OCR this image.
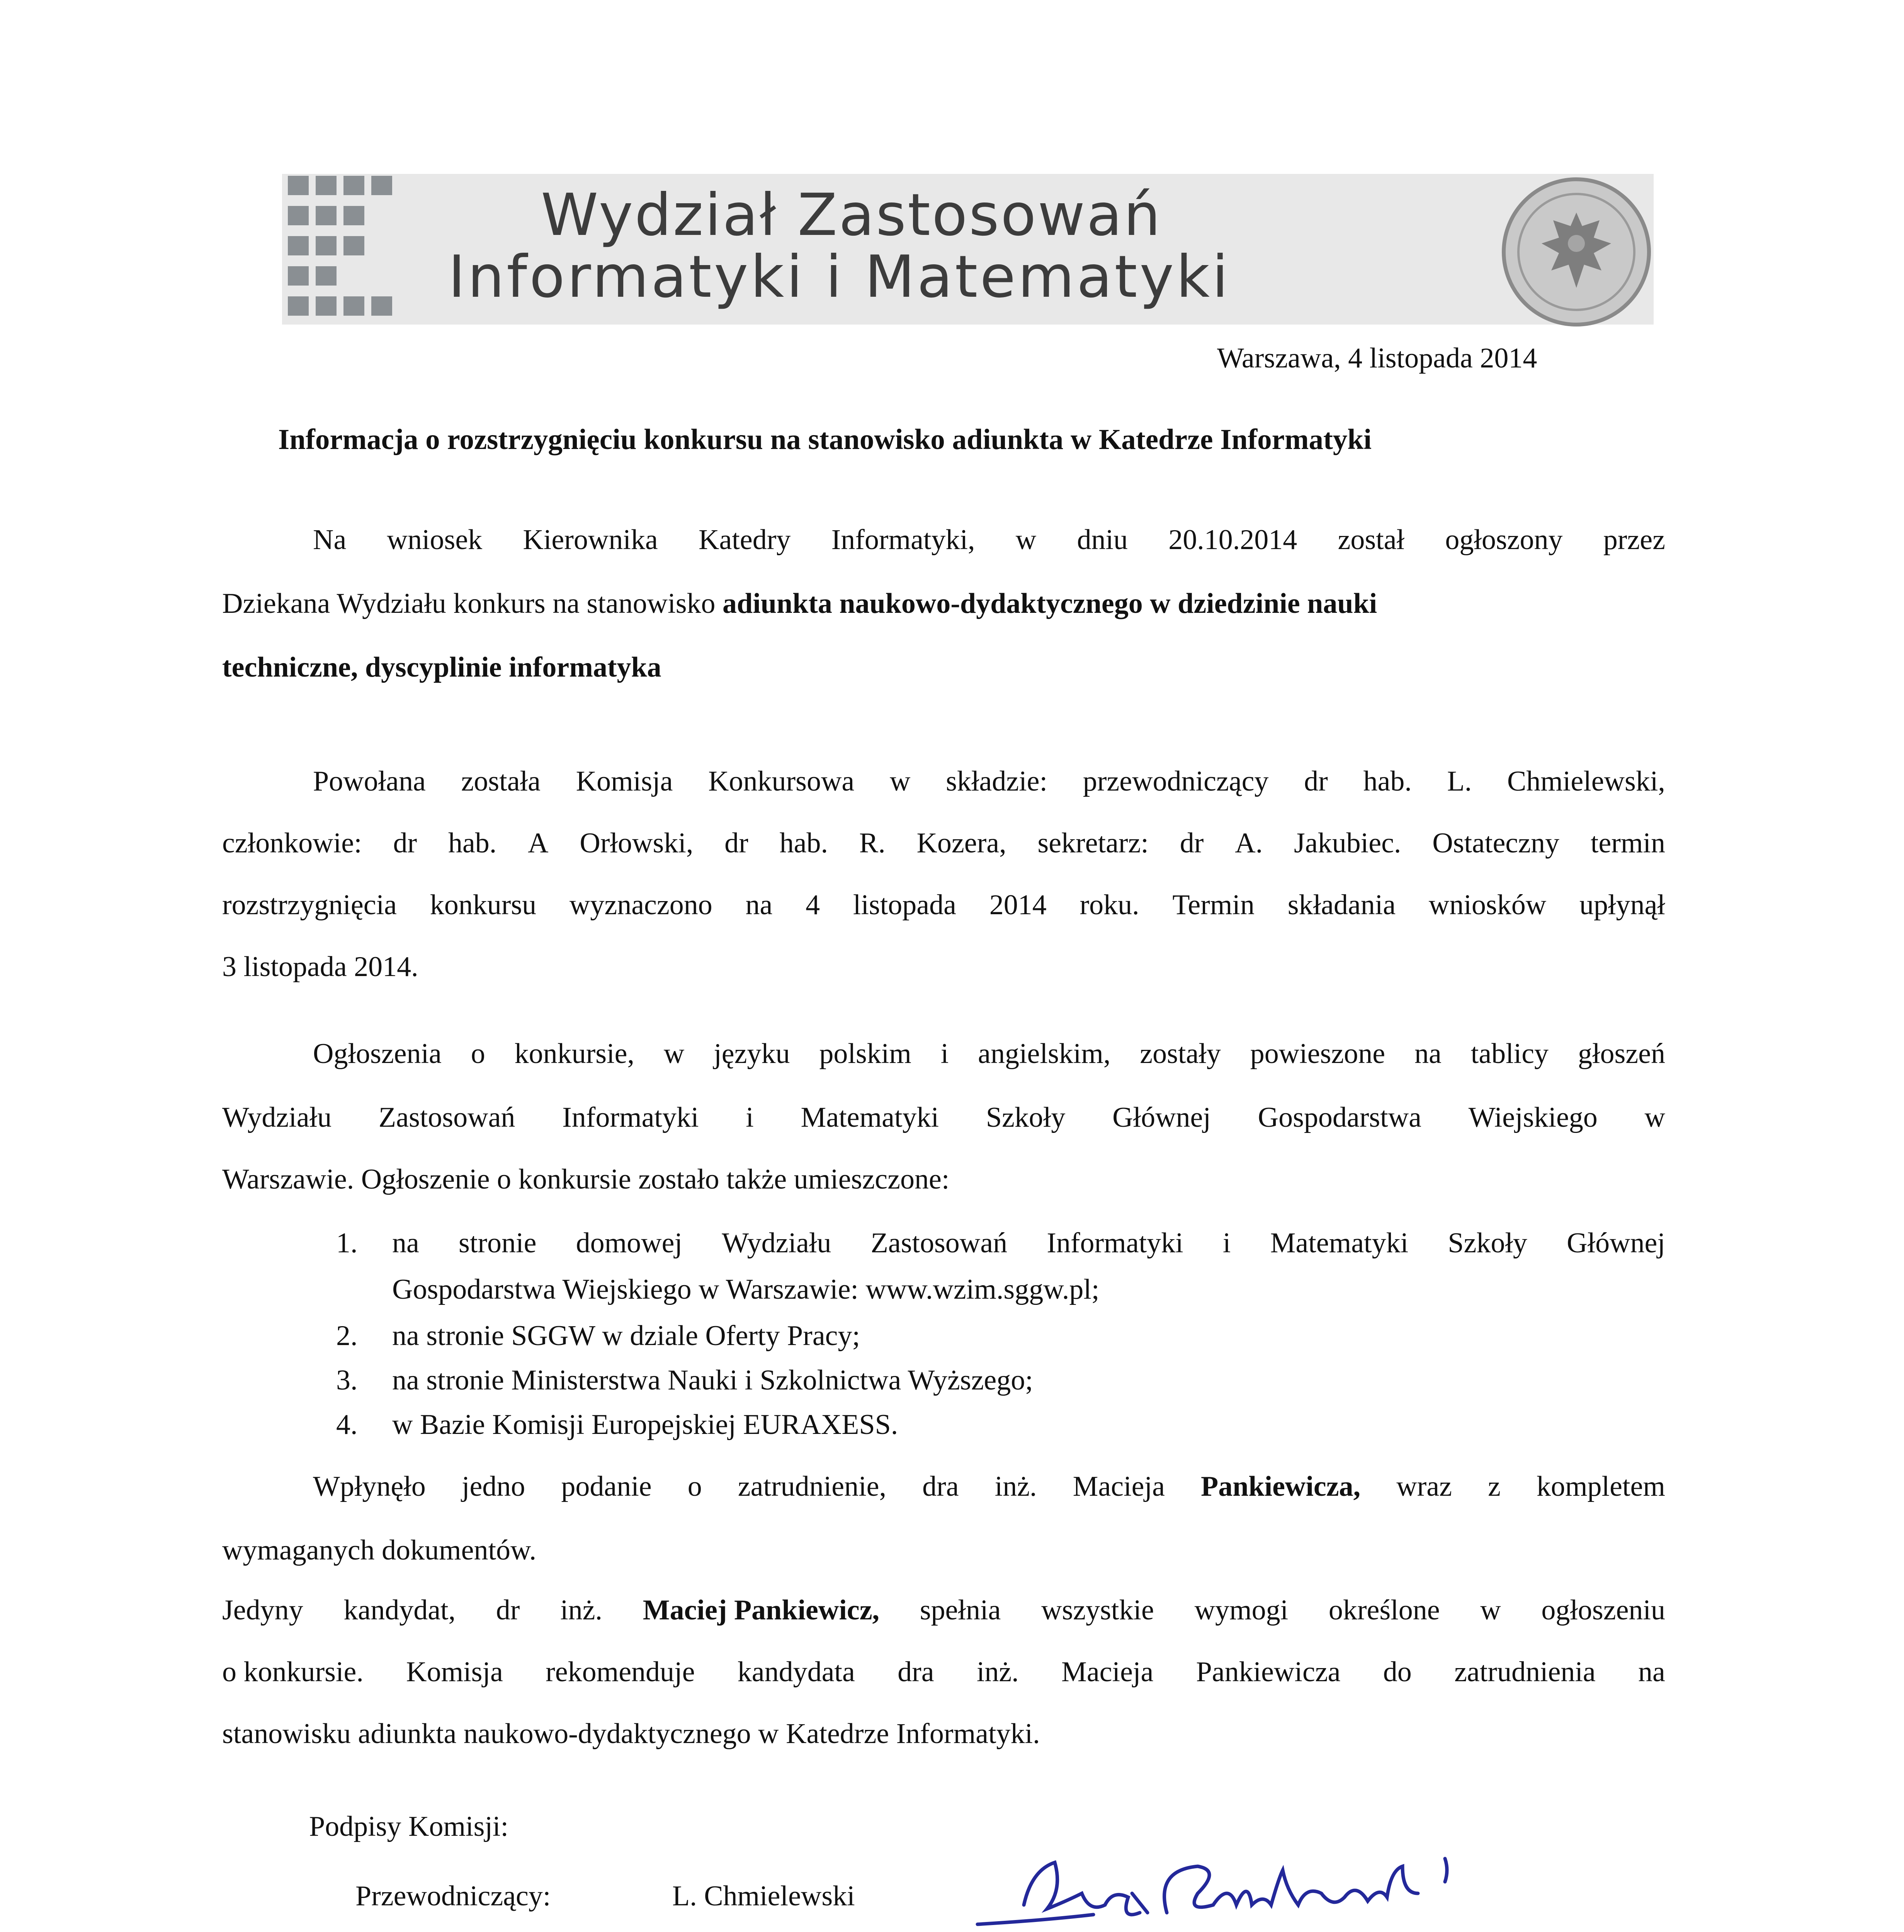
Wydział Zastosowań
Informatyki i Matematyki
Warszawa, 4 listopada 2014
Informacja o rozstrzygnięciu konkursu na stanowisko adiunkta w Katedrze Informatyki
Na wniosek Kierownika Katedry Informatyki, w dniu 20.10.2014 został ogłoszony przez
Dziekana Wydziału konkurs na stanowisko adiunkta naukowo-dydaktycznego w dziedzinie nauki
techniczne, dyscyplinie informatyka
Powołana została Komisja Konkursowa w składzie: przewodniczący dr hab. L. Chmielewski,
członkowie: dr hab. A Orłowski, dr hab. R. Kozera, sekretarz: dr A. Jakubiec. Ostateczny termin
rozstrzygnięcia konkursu wyznaczono na 4 listopada 2014 roku. Termin składania wniosków upłynął
3 listopada 2014.
Ogłoszenia o konkursie, w języku polskim i angielskim, zostały powieszone na tablicy głoszeń
Wydziału Zastosowań Informatyki i Matematyki Szkoły Głównej Gospodarstwa Wiejskiego w
Warszawie. Ogłoszenie o konkursie zostało także umieszczone:
1. na stronie domowej Wydziału Zastosowań Informatyki i Matematyki Szkoły Głównej
Gospodarstwa Wiejskiego w Warszawie: www.wzim.sggw.pl;
2. na stronie SGGW w dziale Oferty Pracy;
3. na stronie Ministerstwa Nauki i Szkolnictwa Wyższego;
4. w Bazie Komisji Europejskiej EURAXESS.
Wpłynęło jedno podanie o zatrudnienie, dra inż. Macieja Pankiewicza, wraz z kompletem
wymaganych dokumentów.
Jedyny kandydat, dr inż. Maciej Pankiewicz, spełnia wszystkie wymogi określone w ogłoszeniu
o konkursie. Komisja rekomenduje kandydata dra inż. Macieja Pankiewicza do zatrudnienia na
stanowisku adiunkta naukowo-dydaktycznego w Katedrze Informatyki.
Podpisy Komisji:
Przewodniczący:	L. Chmielewski
